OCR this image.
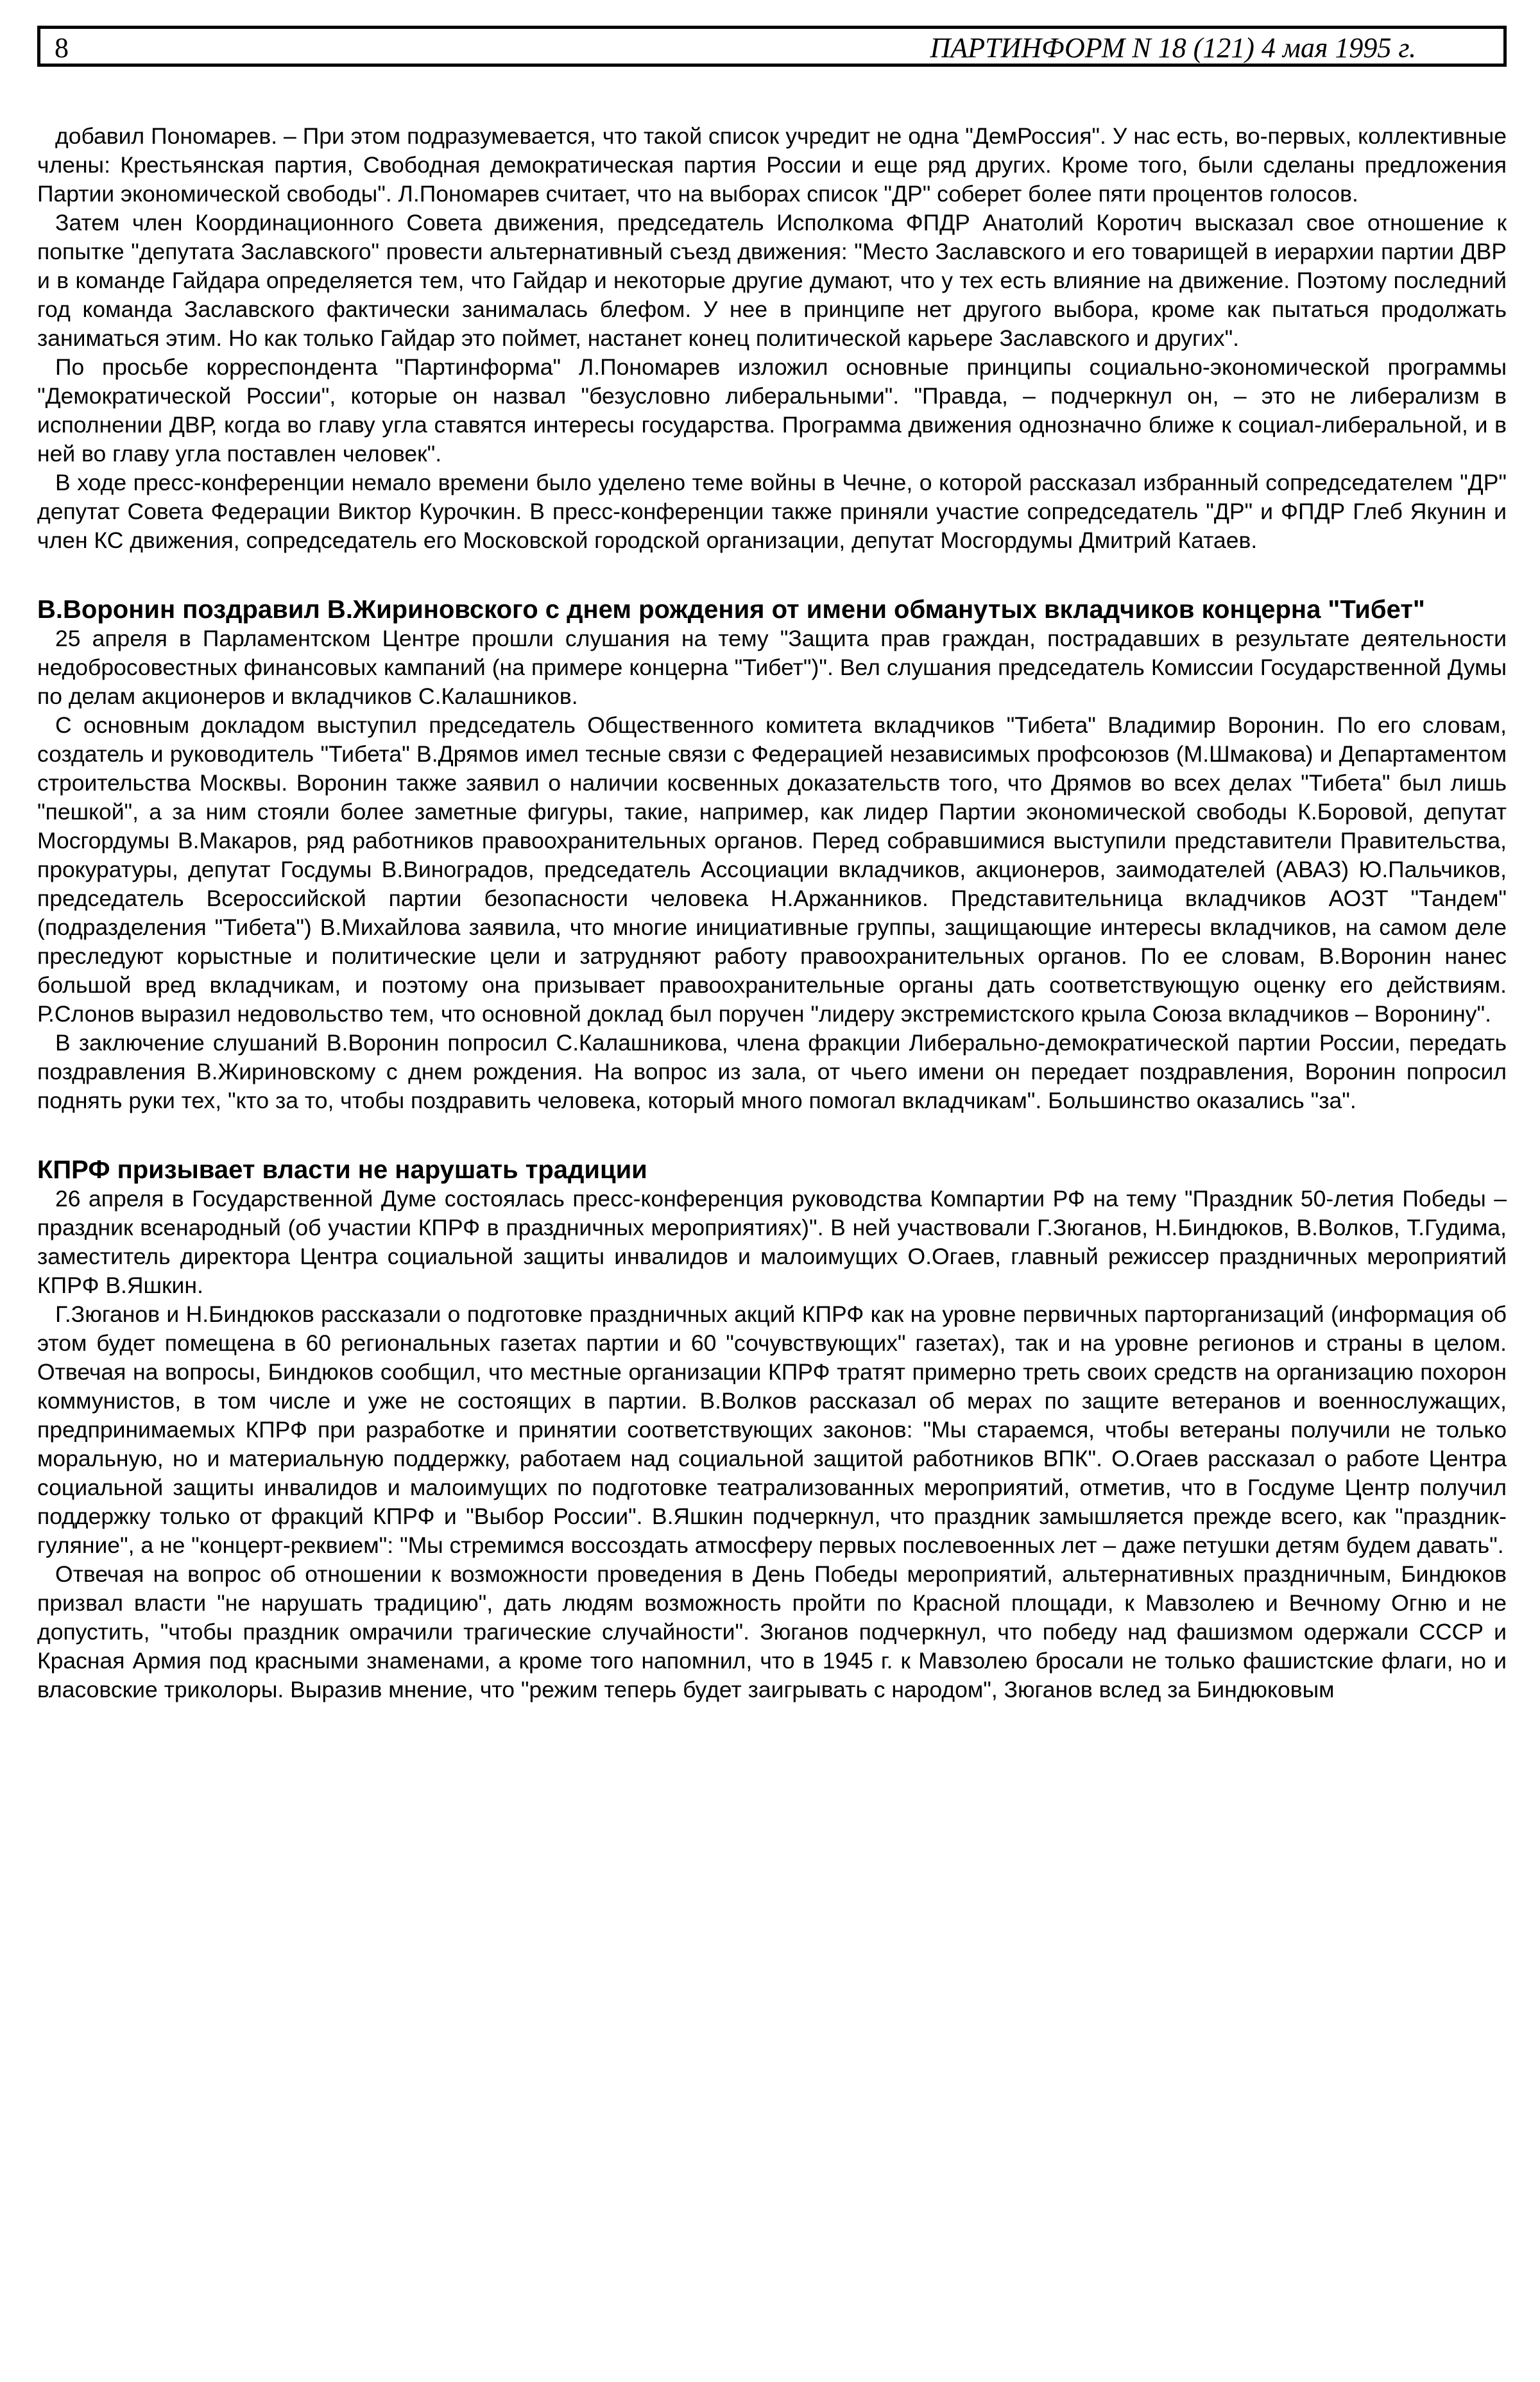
8	ПАРТИНФОРМ N 18 (121) 4 мая 1995 г.

добавил Пономарев. – При этом подразумевается, что такой список учредит не одна "ДемРоссия". У нас есть, во-первых, коллективные члены: Крестьянская партия, Свободная демократическая партия России и еще ряд других. Кроме того, были сделаны предложения Партии экономической свободы". Л.Пономарев считает, что на выборах список "ДР" соберет более пяти процентов голосов.

Затем член Координационного Совета движения, председатель Исполкома ФПДР Анатолий Коротич высказал свое отношение к попытке "депутата Заславского" провести альтернативный съезд движения: "Место Заславского и его товарищей в иерархии партии ДВР и в команде Гайдара определяется тем, что Гайдар и некоторые другие думают, что у тех есть влияние на движение. Поэтому последний год команда Заславского фактически занималась блефом. У нее в принципе нет другого выбора, кроме как пытаться продолжать заниматься этим. Но как только Гайдар это поймет, настанет конец политической карьере Заславского и других".

По просьбе корреспондента "Партинформа" Л.Пономарев изложил основные принципы социально-экономической программы "Демократической России", которые он назвал "безусловно либеральными". "Правда, – подчеркнул он, – это не либерализм в исполнении ДВР, когда во главу угла ставятся интересы государства. Программа движения однозначно ближе к социал-либеральной, и в ней во главу угла поставлен человек".

В ходе пресс-конференции немало времени было уделено теме войны в Чечне, о которой рассказал избранный сопредседателем "ДР" депутат Совета Федерации Виктор Курочкин. В пресс-конференции также приняли участие сопредседатель "ДР" и ФПДР Глеб Якунин и член КС движения, сопредседатель его Московской городской организации, депутат Мосгордумы Дмитрий Катаев.

В.Воронин поздравил В.Жириновского с днем рождения от имени обманутых вкладчиков концерна "Тибет"

25 апреля в Парламентском Центре прошли слушания на тему "Защита прав граждан, пострадавших в результате деятельности недобросовестных финансовых кампаний (на примере концерна "Тибет")". Вел слушания председатель Комиссии Государственной Думы по делам акционеров и вкладчиков С.Калашников.

С основным докладом выступил председатель Общественного комитета вкладчиков "Тибета" Владимир Воронин. По его словам, создатель и руководитель "Тибета" В.Дрямов имел тесные связи с Федерацией независимых профсоюзов (М.Шмакова) и Департаментом строительства Москвы. Воронин также заявил о наличии косвенных доказательств того, что Дрямов во всех делах "Тибета" был лишь "пешкой", а за ним стояли более заметные фигуры, такие, например, как лидер Партии экономической свободы К.Боровой, депутат Мосгордумы В.Макаров, ряд работников правоохранительных органов. Перед собравшимися выступили представители Правительства, прокуратуры, депутат Госдумы В.Виноградов, председатель Ассоциации вкладчиков, акционеров, заимодателей (АВАЗ) Ю.Пальчиков, председатель Всероссийской партии безопасности человека Н.Аржанников. Представительница вкладчиков АОЗТ "Тандем" (подразделения "Тибета") В.Михайлова заявила, что многие инициативные группы, защищающие интересы вкладчиков, на самом деле преследуют корыстные и политические цели и затрудняют работу правоохранительных органов. По ее словам, В.Воронин нанес большой вред вкладчикам, и поэтому она призывает правоохранительные органы дать соответствующую оценку его действиям. Р.Слонов выразил недовольство тем, что основной доклад был поручен "лидеру экстремистского крыла Союза вкладчиков – Воронину".

В заключение слушаний В.Воронин попросил С.Калашникова, члена фракции Либерально-демократической партии России, передать поздравления В.Жириновскому с днем рождения. На вопрос из зала, от чьего имени он передает поздравления, Воронин попросил поднять руки тех, "кто за то, чтобы поздравить человека, который много помогал вкладчикам". Большинство оказались "за".

КПРФ призывает власти не нарушать традиции

26 апреля в Государственной Думе состоялась пресс-конференция руководства Компартии РФ на тему "Праздник 50-летия Победы – праздник всенародный (об участии КПРФ в праздничных мероприятиях)". В ней участвовали Г.Зюганов, Н.Биндюков, В.Волков, Т.Гудима, заместитель директора Центра социальной защиты инвалидов и малоимущих О.Огаев, главный режиссер праздничных мероприятий КПРФ В.Яшкин.

Г.Зюганов и Н.Биндюков рассказали о подготовке праздничных акций КПРФ как на уровне первичных парторганизаций (информация об этом будет помещена в 60 региональных газетах партии и 60 "сочувствующих" газетах), так и на уровне регионов и страны в целом. Отвечая на вопросы, Биндюков сообщил, что местные организации КПРФ тратят примерно треть своих средств на организацию похорон коммунистов, в том числе и уже не состоящих в партии. В.Волков рассказал об мерах по защите ветеранов и военнослужащих, предпринимаемых КПРФ при разработке и принятии соответствующих законов: "Мы стараемся, чтобы ветераны получили не только моральную, но и материальную поддержку, работаем над социальной защитой работников ВПК". О.Огаев рассказал о работе Центра социальной защиты инвалидов и малоимущих по подготовке театрализованных мероприятий, отметив, что в Госдуме Центр получил поддержку только от фракций КПРФ и "Выбор России". В.Яшкин подчеркнул, что праздник замышляется прежде всего, как "праздник-гуляние", а не "концерт-реквием": "Мы стремимся воссоздать атмосферу первых послевоенных лет – даже петушки детям будем давать".

Отвечая на вопрос об отношении к возможности проведения в День Победы мероприятий, альтернативных праздничным, Биндюков призвал власти "не нарушать традицию", дать людям возможность пройти по Красной площади, к Мавзолею и Вечному Огню и не допустить, "чтобы праздник омрачили трагические случайности". Зюганов подчеркнул, что победу над фашизмом одержали СССР и Красная Армия под красными знаменами, а кроме того напомнил, что в 1945 г. к Мавзолею бросали не только фашистские флаги, но и власовские триколоры. Выразив мнение, что "режим теперь будет заигрывать с народом", Зюганов вслед за Биндюковым
